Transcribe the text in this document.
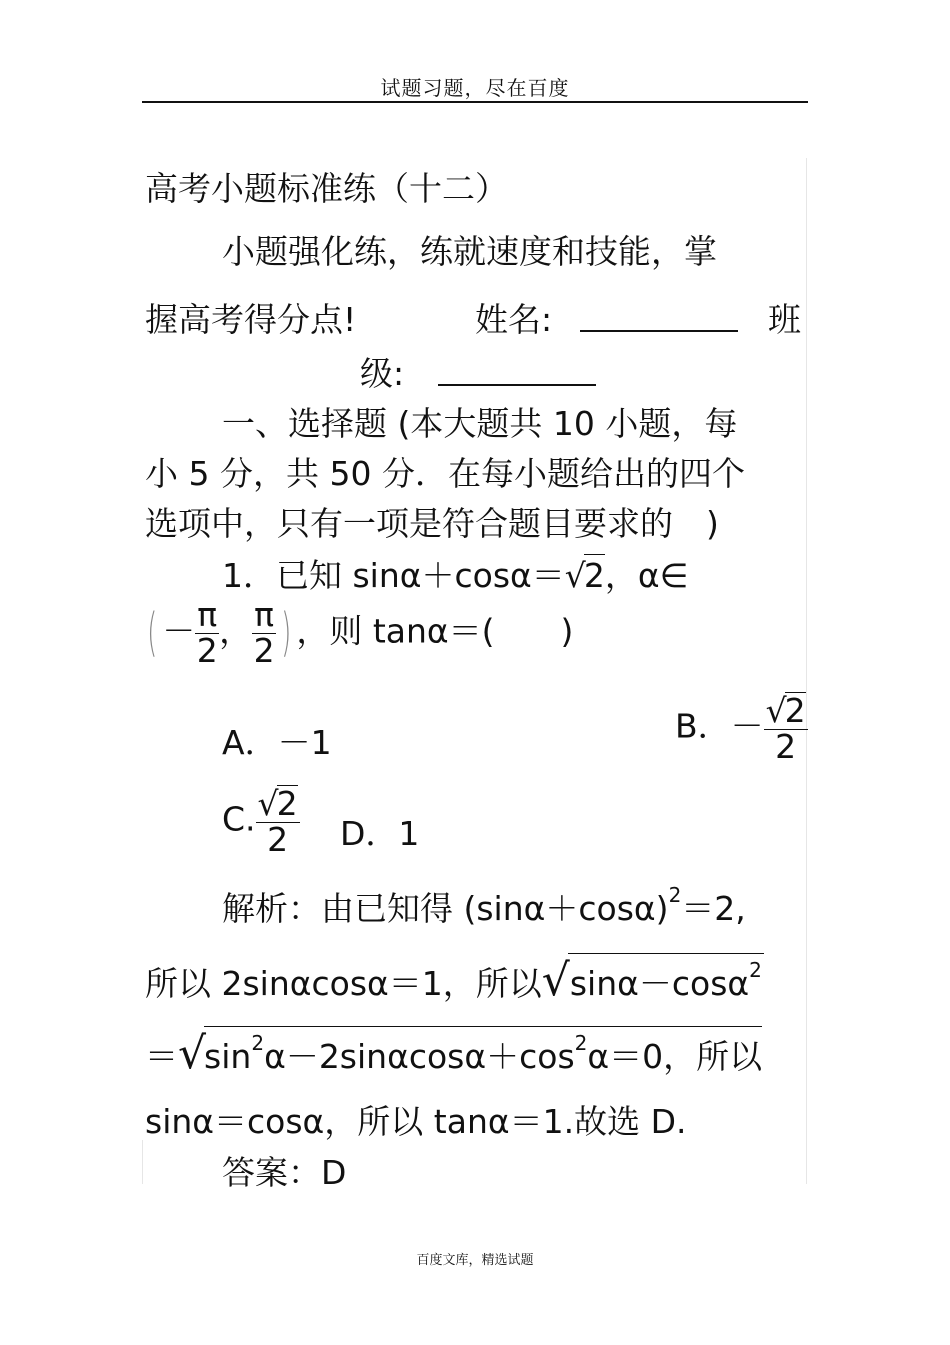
试题习题，尽在百度
高考小题标准练（十二）
小题强化练，练就速度和技能，掌
握高考得分点!	姓名:	班
级:
一、选择题 (本大题共 10 小题，每
小 5 分，共 50 分．在每小题给出的四个
选项中，只有一项是符合题目要求的　)
1．已知 sinα＋cosα＝√2，α∈
( － $\frac{\pi}{2}$ ， $\frac{\pi}{2}$ ) ，则 tanα＝(　　)
A．－1	B．－ $\frac{√2}{2}$
C. $\frac{√2}{2}$ D．1
解析：由已知得 $(\sin\alpha+\cos\alpha)^2=2$,
所以 2sinαcosα＝1，所以√sinα－cosα$^2$
$=√\sin^2\alpha-2\sin\alpha\cos\alpha+\cos^2\alpha=0$，所以
sinα＝cosα，所以 tanα＝1.故选 D.
答案：D
百度文库，精选试题
